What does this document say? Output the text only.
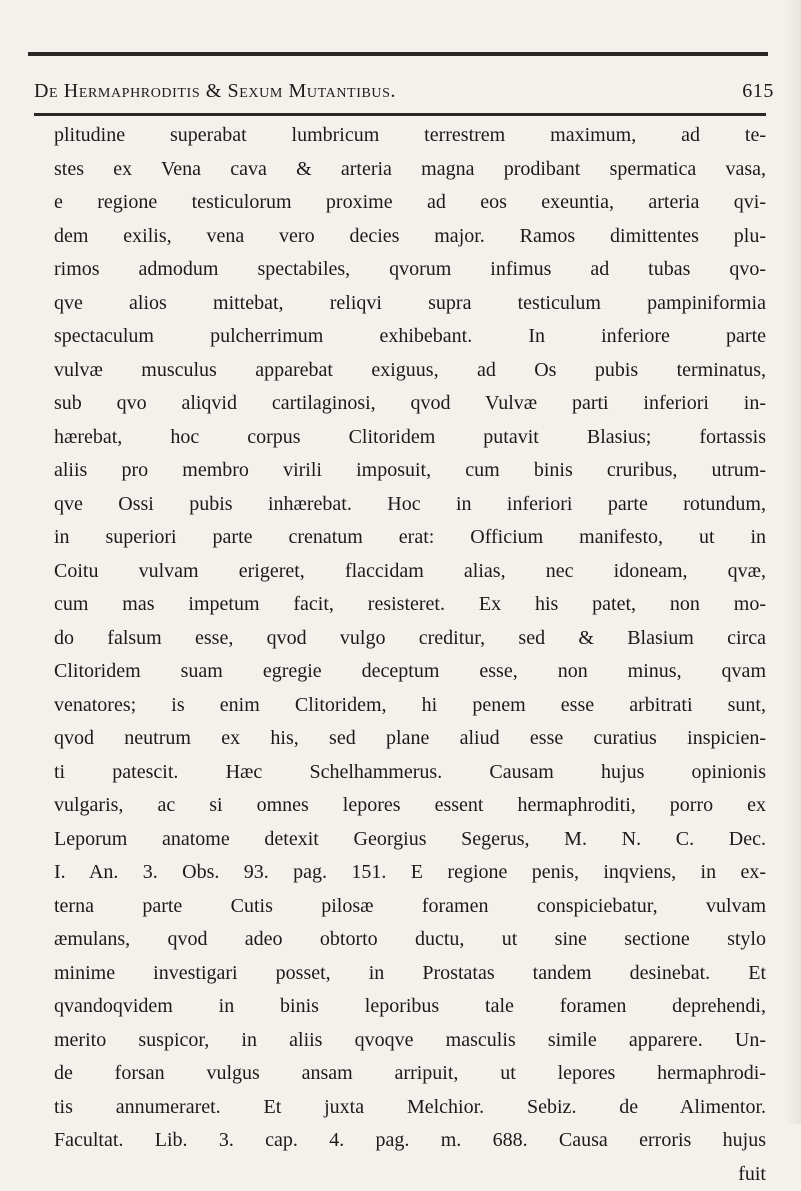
De Hermaphroditis & Sexum Mutantibus.	615
plitudine superabat lumbricum terrestrem maximum, ad te-
stes ex Vena cava & arteria magna prodibant spermatica vasa,
e regione testiculorum proxime ad eos exeuntia, arteria qvi-
dem exilis, vena vero decies major. Ramos dimittentes plu-
rimos admodum spectabiles, qvorum infimus ad tubas qvo-
qve alios mittebat, reliqvi supra testiculum pampiniformia
spectaculum pulcherrimum exhibebant. In inferiore parte
vulvæ musculus apparebat exiguus, ad Os pubis terminatus,
sub qvo aliqvid cartilaginosi, qvod Vulvæ parti inferiori in-
hærebat, hoc corpus Clitoridem putavit Blasius; fortassis
aliis pro membro virili imposuit, cum binis cruribus, utrum-
qve Ossi pubis inhærebat. Hoc in inferiori parte rotundum,
in superiori parte crenatum erat: Officium manifesto, ut in
Coitu vulvam erigeret, flaccidam alias, nec idoneam, qvæ,
cum mas impetum facit, resisteret. Ex his patet, non mo-
do falsum esse, qvod vulgo creditur, sed & Blasium circa
Clitoridem suam egregie deceptum esse, non minus, qvam
venatores; is enim Clitoridem, hi penem esse arbitrati sunt,
qvod neutrum ex his, sed plane aliud esse curatius inspicien-
ti patescit. Hæc Schelhammerus. Causam hujus opinionis
vulgaris, ac si omnes lepores essent hermaphroditi, porro ex
Leporum anatome detexit Georgius Segerus, M. N. C. Dec.
I. An. 3. Obs. 93. pag. 151. E regione penis, inqviens, in ex-
terna parte Cutis pilosæ foramen conspiciebatur, vulvam
æmulans, qvod adeo obtorto ductu, ut sine sectione stylo
minime investigari posset, in Prostatas tandem desinebat. Et
qvandoqvidem in binis leporibus tale foramen deprehendi,
merito suspicor, in aliis qvoqve masculis simile apparere. Un-
de forsan vulgus ansam arripuit, ut lepores hermaphrodi-
tis annumeraret. Et juxta Melchior. Sebiz. de Alimentor.
Facultat. Lib. 3. cap. 4. pag. m. 688. Causa erroris hujus
fuit
